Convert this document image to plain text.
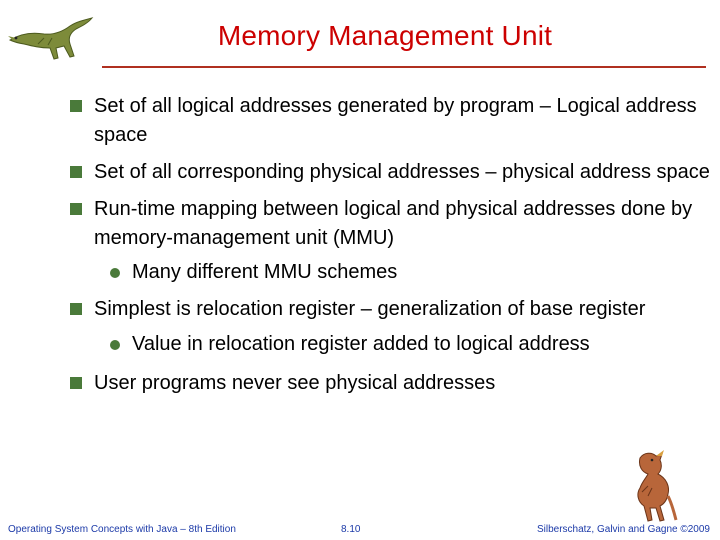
Memory Management Unit
Set of all logical addresses generated by program – Logical address space
Set of all corresponding physical addresses – physical address space
Run-time mapping between logical and physical addresses done by memory-management unit (MMU)
Many different MMU schemes
Simplest is relocation register – generalization of base register
Value in relocation register added to logical address
User programs never see physical addresses
Operating System Concepts with Java – 8th Edition	8.10	Silberschatz, Galvin and Gagne ©2009
